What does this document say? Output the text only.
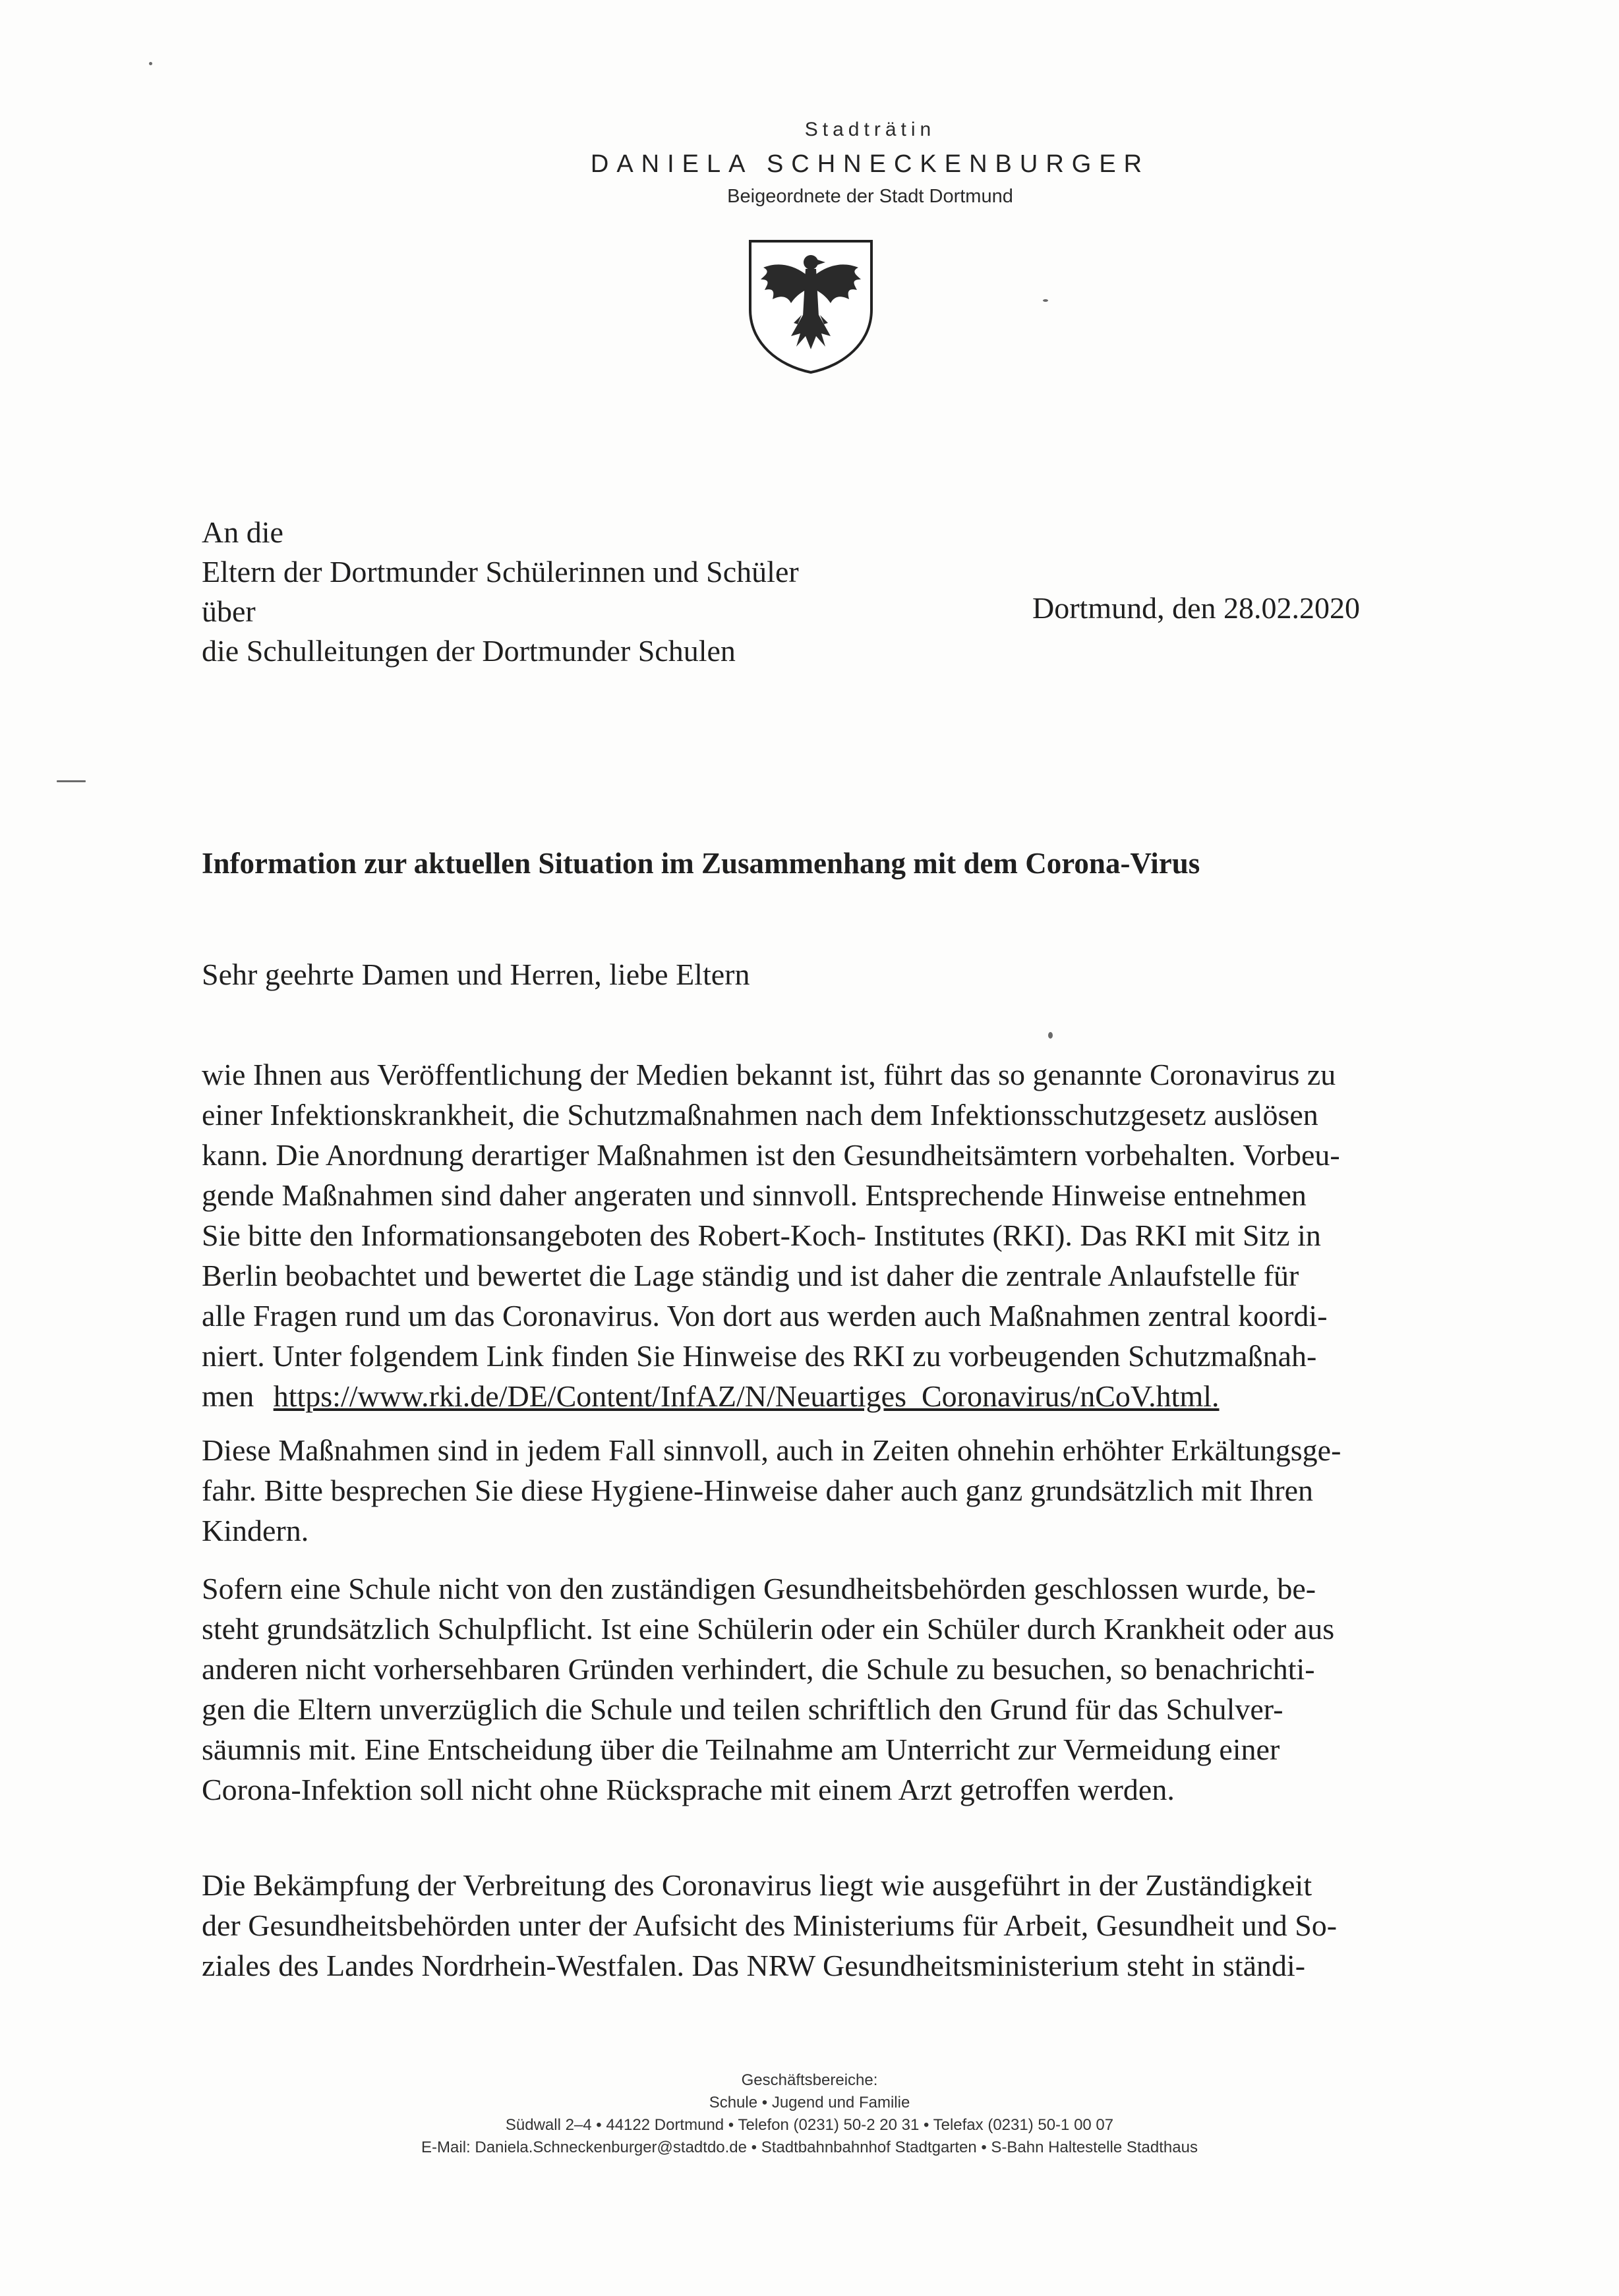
Stadträtin
DANIELA SCHNECKENBURGER
Beigeordnete der Stadt Dortmund
An die
Eltern der Dortmunder Schülerinnen und Schüler
über
die Schulleitungen der Dortmunder Schulen
Dortmund, den 28.02.2020
Information zur aktuellen Situation im Zusammenhang mit dem Corona-Virus
Sehr geehrte Damen und Herren, liebe Eltern
wie Ihnen aus Veröffentlichung der Medien bekannt ist, führt das so genannte Coronavirus zu
einer Infektionskrankheit, die Schutzmaßnahmen nach dem Infektionsschutzgesetz auslösen
kann. Die Anordnung derartiger Maßnahmen ist den Gesundheitsämtern vorbehalten. Vorbeu-
gende Maßnahmen sind daher angeraten und sinnvoll. Entsprechende Hinweise entnehmen
Sie bitte den Informationsangeboten des Robert-Koch- Institutes (RKI). Das RKI mit Sitz in
Berlin beobachtet und bewertet die Lage ständig und ist daher die zentrale Anlaufstelle für
alle Fragen rund um das Coronavirus. Von dort aus werden auch Maßnahmen zentral koordi-
niert. Unter folgendem Link finden Sie Hinweise des RKI zu vorbeugenden Schutzmaßnah-
men https://www.rki.de/DE/Content/InfAZ/N/Neuartiges_Coronavirus/nCoV.html.
Diese Maßnahmen sind in jedem Fall sinnvoll, auch in Zeiten ohnehin erhöhter Erkältungsge-
fahr. Bitte besprechen Sie diese Hygiene-Hinweise daher auch ganz grundsätzlich mit Ihren
Kindern.
Sofern eine Schule nicht von den zuständigen Gesundheitsbehörden geschlossen wurde, be-
steht grundsätzlich Schulpflicht. Ist eine Schülerin oder ein Schüler durch Krankheit oder aus
anderen nicht vorhersehbaren Gründen verhindert, die Schule zu besuchen, so benachrichti-
gen die Eltern unverzüglich die Schule und teilen schriftlich den Grund für das Schulver-
säumnis mit. Eine Entscheidung über die Teilnahme am Unterricht zur Vermeidung einer
Corona-Infektion soll nicht ohne Rücksprache mit einem Arzt getroffen werden.
Die Bekämpfung der Verbreitung des Coronavirus liegt wie ausgeführt in der Zuständigkeit
der Gesundheitsbehörden unter der Aufsicht des Ministeriums für Arbeit, Gesundheit und So-
ziales des Landes Nordrhein-Westfalen. Das NRW Gesundheitsministerium steht in ständi-
Geschäftsbereiche:
Schule • Jugend und Familie
Südwall 2–4 • 44122 Dortmund • Telefon (0231) 50-2 20 31 • Telefax (0231) 50-1 00 07
E-Mail: Daniela.Schneckenburger@stadtdo.de • Stadtbahnbahnhof Stadtgarten • S-Bahn Haltestelle Stadthaus
